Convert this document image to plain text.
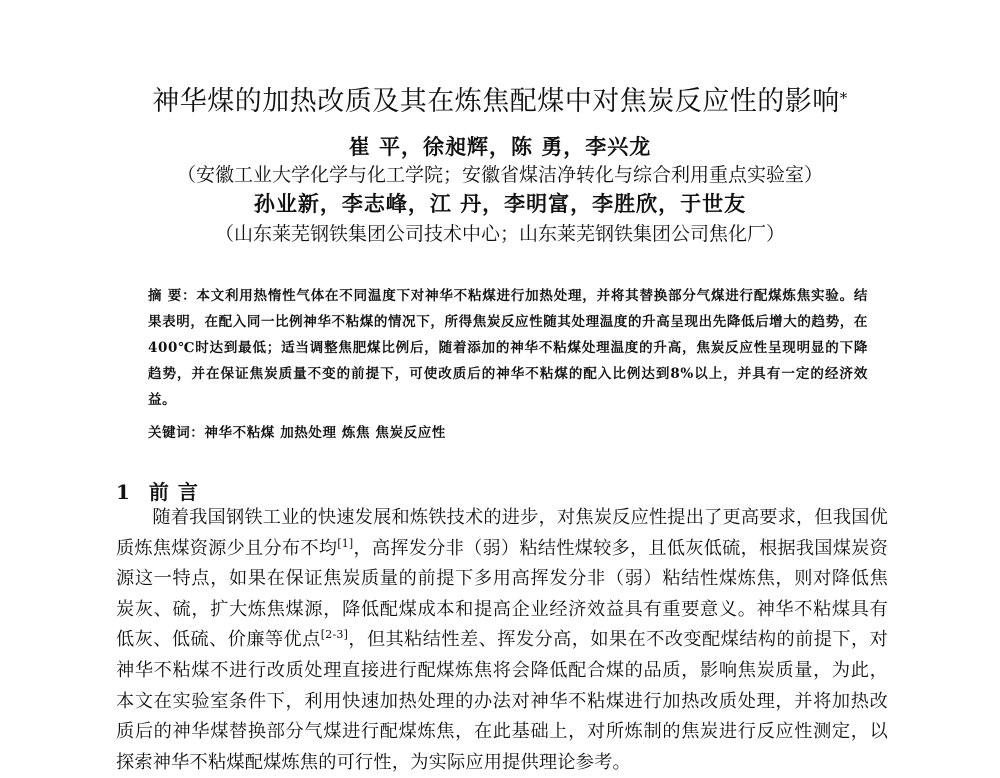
神华煤的加热改质及其在炼焦配煤中对焦炭反应性的影响*
崔 平，徐昶辉，陈 勇，李兴龙
（安徽工业大学化学与化工学院；安徽省煤洁净转化与综合利用重点实验室）
孙业新，李志峰，江 丹，李明富，李胜欣，于世友
（山东莱芜钢铁集团公司技术中心；山东莱芜钢铁集团公司焦化厂）
摘 要：本文利用热惰性气体在不同温度下对神华不粘煤进行加热处理，并将其替换部分气煤进行配煤炼焦实验。结果表明，在配入同一比例神华不粘煤的情况下，所得焦炭反应性随其处理温度的升高呈现出先降低后增大的趋势，在400℃时达到最低；适当调整焦肥煤比例后，随着添加的神华不粘煤处理温度的升高，焦炭反应性呈现明显的下降趋势，并在保证焦炭质量不变的前提下，可使改质后的神华不粘煤的配入比例达到8%以上，并具有一定的经济效益。
关键词：神华不粘煤 加热处理 炼焦 焦炭反应性
1 前 言
随着我国钢铁工业的快速发展和炼铁技术的进步，对焦炭反应性提出了更高要求，但我国优质炼焦煤资源少且分布不均[1]，高挥发分非（弱）粘结性煤较多，且低灰低硫，根据我国煤炭资源这一特点，如果在保证焦炭质量的前提下多用高挥发分非（弱）粘结性煤炼焦，则对降低焦炭灰、硫，扩大炼焦煤源，降低配煤成本和提高企业经济效益具有重要意义。神华不粘煤具有低灰、低硫、价廉等优点[2-3]，但其粘结性差、挥发分高，如果在不改变配煤结构的前提下，对神华不粘煤不进行改质处理直接进行配煤炼焦将会降低配合煤的品质，影响焦炭质量，为此，本文在实验室条件下，利用快速加热处理的办法对神华不粘煤进行加热改质处理，并将加热改质后的神华煤替换部分气煤进行配煤炼焦，在此基础上，对所炼制的焦炭进行反应性测定，以探索神华不粘煤配煤炼焦的可行性，为实际应用提供理论参考。
